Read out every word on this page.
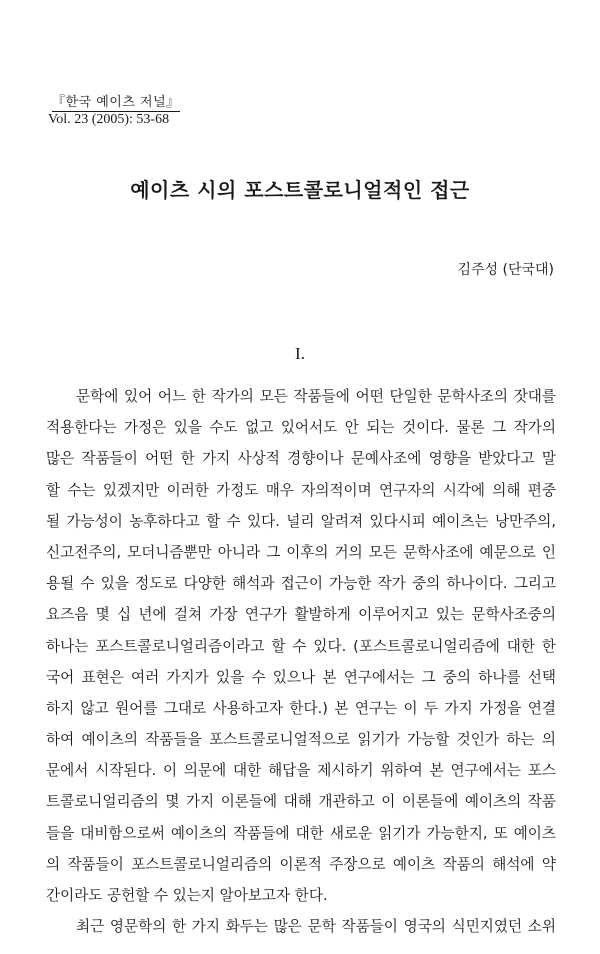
『한국 예이츠 저널』
Vol. 23 (2005): 53-68
예이츠 시의 포스트콜로니얼적인 접근
김주성 (단국대)
I.
문학에 있어 어느 한 작가의 모든 작품들에 어떤 단일한 문학사조의 잣대를
적용한다는 가정은 있을 수도 없고 있어서도 안 되는 것이다. 물론 그 작가의
많은 작품들이 어떤 한 가지 사상적 경향이나 문예사조에 영향을 받았다고 말
할 수는 있겠지만 이러한 가정도 매우 자의적이며 연구자의 시각에 의해 편중
될 가능성이 농후하다고 할 수 있다. 널리 알려져 있다시피 예이츠는 낭만주의,
신고전주의, 모더니즘뿐만 아니라 그 이후의 거의 모든 문학사조에 예문으로 인
용될 수 있을 정도로 다양한 해석과 접근이 가능한 작가 중의 하나이다. 그리고
요즈음 몇 십 년에 걸쳐 가장 연구가 활발하게 이루어지고 있는 문학사조중의
하나는 포스트콜로니얼리즘이라고 할 수 있다. (포스트콜로니얼리즘에 대한 한
국어 표현은 여러 가지가 있을 수 있으나 본 연구에서는 그 중의 하나를 선택
하지 않고 원어를 그대로 사용하고자 한다.) 본 연구는 이 두 가지 가정을 연결
하여 예이츠의 작품들을 포스트콜로니얼적으로 읽기가 가능할 것인가 하는 의
문에서 시작된다. 이 의문에 대한 해답을 제시하기 위하여 본 연구에서는 포스
트콜로니얼리즘의 몇 가지 이론들에 대해 개관하고 이 이론들에 예이츠의 작품
들을 대비함으로써 예이츠의 작품들에 대한 새로운 읽기가 가능한지, 또 예이츠
의 작품들이 포스트콜로니얼리즘의 이론적 주장으로 예이츠 작품의 해석에 약
간이라도 공헌할 수 있는지 알아보고자 한다.
최근 영문학의 한 가지 화두는 많은 문학 작품들이 영국의 식민지였던 소위
